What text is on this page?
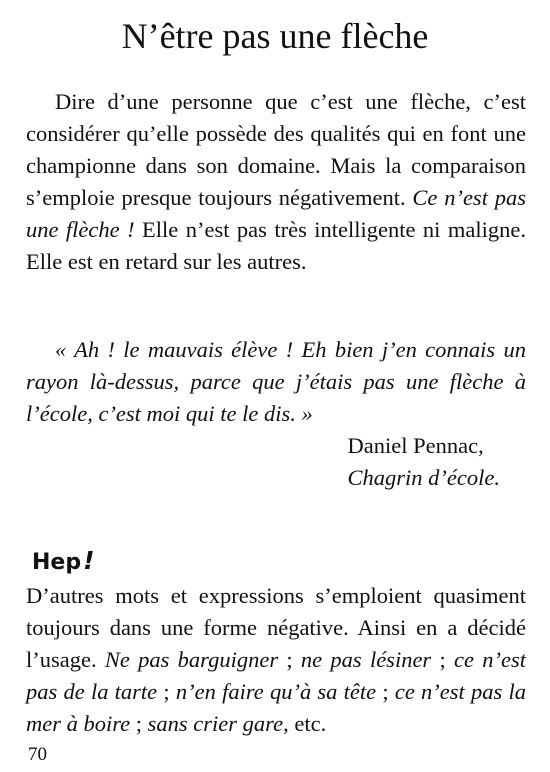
N’être pas une flèche

Dire d’une personne que c’est une flèche, c’est considérer qu’elle possède des qualités qui en font une championne dans son domaine. Mais la comparaison s’emploie presque toujours négativement. Ce n’est pas une flèche ! Elle n’est pas très intelligente ni maligne. Elle est en retard sur les autres.

« Ah ! le mauvais élève ! Eh bien j’en connais un rayon là-dessus, parce que j’étais pas une flèche à l’école, c’est moi qui te le dis. »

Daniel Pennac,
Chagrin d’école.
Hep!

D’autres mots et expressions s’emploient quasiment toujours dans une forme négative. Ainsi en a décidé l’usage. Ne pas barguigner ; ne pas lésiner ; ce n’est pas de la tarte ; n’en faire qu’à sa tête ; ce n’est pas la mer à boire ; sans crier gare, etc.

70
